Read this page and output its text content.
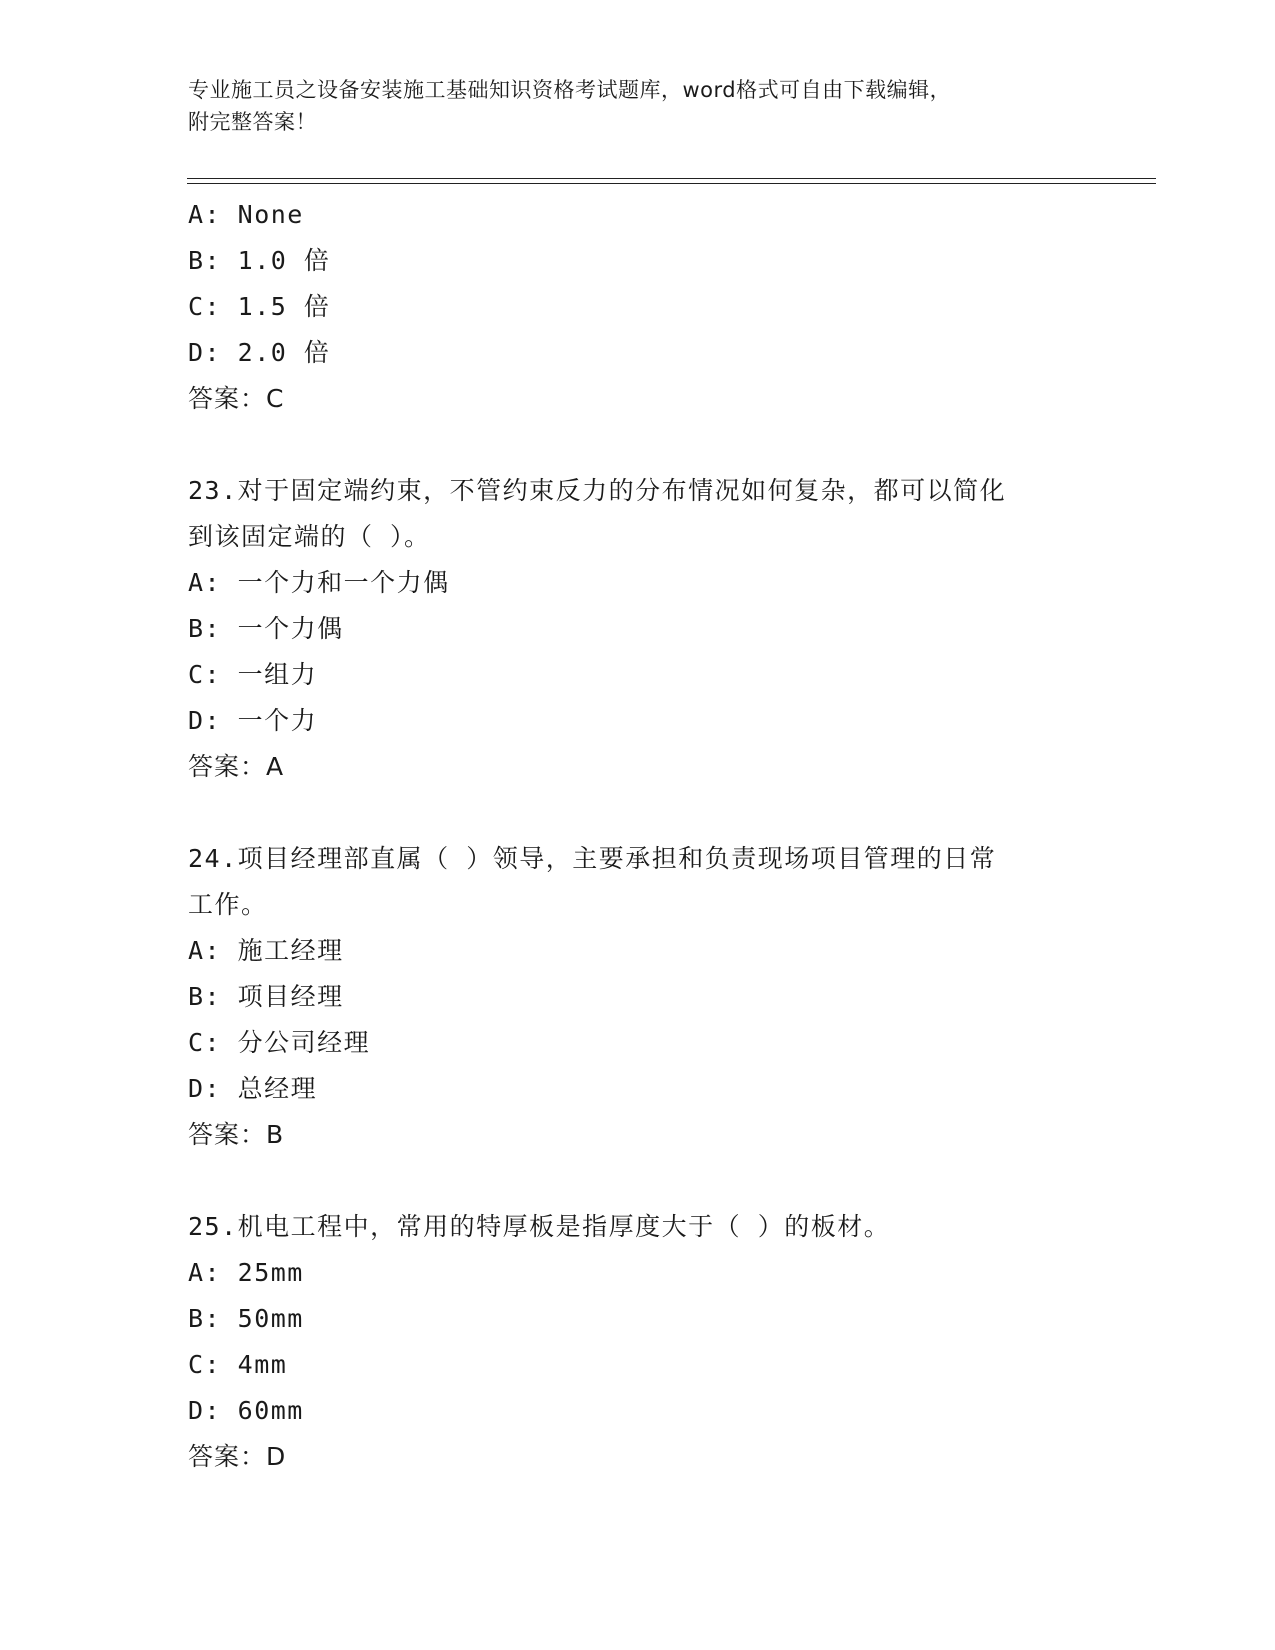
专业施工员之设备安装施工基础知识资格考试题库，word格式可自由下载编辑，
附完整答案！
A: None
B: 1.0 倍
C: 1.5 倍
D: 2.0 倍
答案：C
23.对于固定端约束，不管约束反力的分布情况如何复杂，都可以简化
到该固定端的（ ）。
A: 一个力和一个力偶
B: 一个力偶
C: 一组力
D: 一个力
答案：A
24.项目经理部直属（ ）领导，主要承担和负责现场项目管理的日常
工作。
A: 施工经理
B: 项目经理
C: 分公司经理
D: 总经理
答案：B
25.机电工程中，常用的特厚板是指厚度大于（ ）的板材。
A: 25mm
B: 50mm
C: 4mm
D: 60mm
答案：D
